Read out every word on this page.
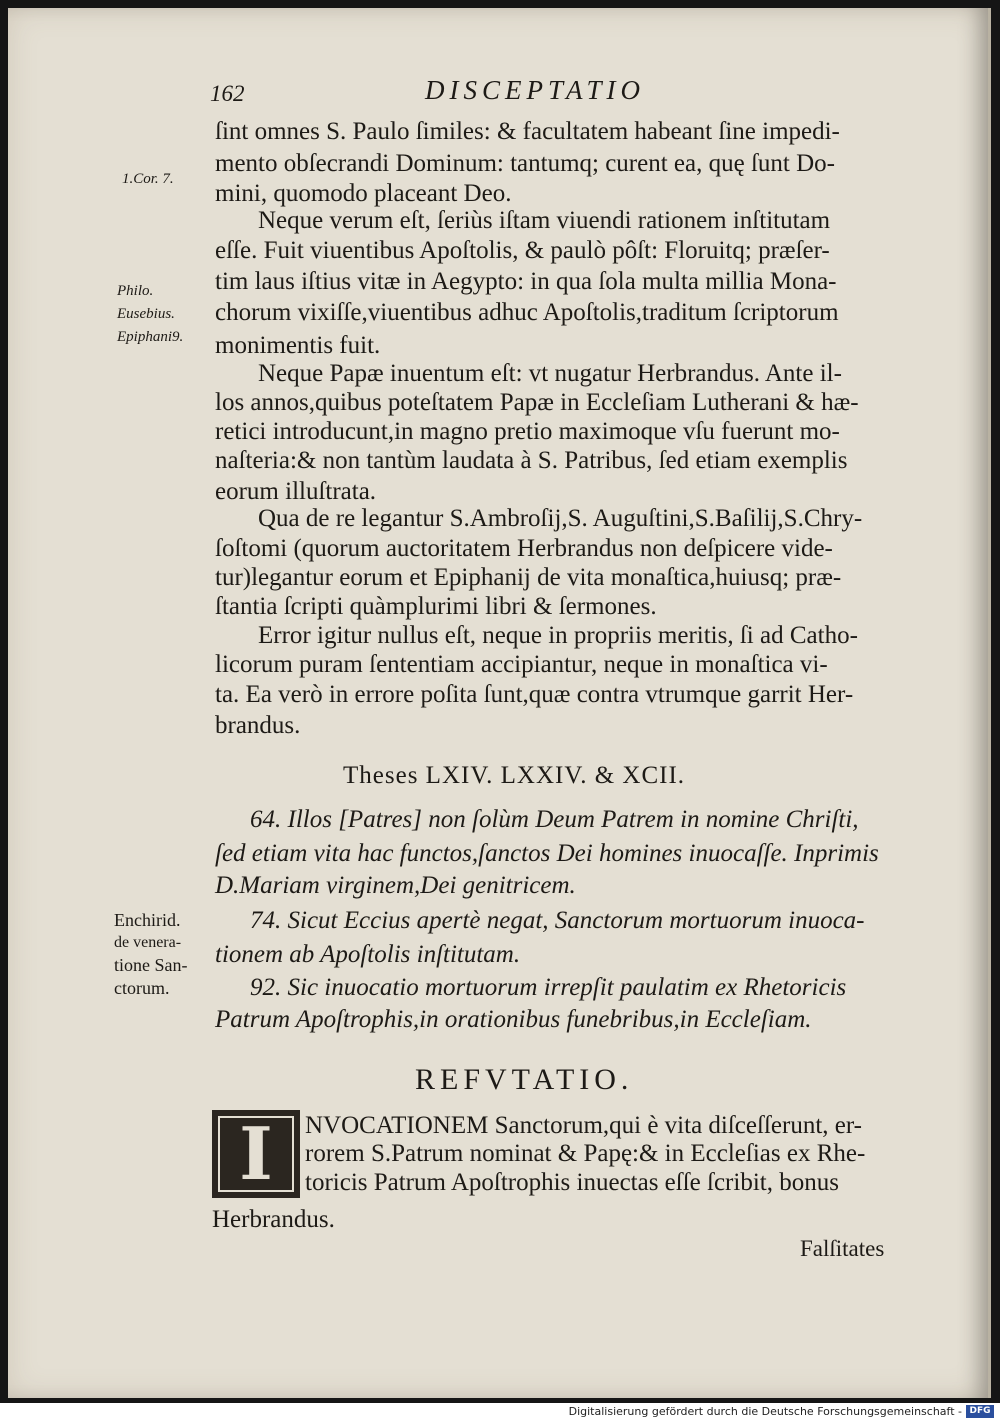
162	DISCEPTATIO
1.Cor. 7.
Philo.
Eusebius.
Epiphani9.
Enchirid.
de venera-
tione San-
ctorum.
ſint omnes S. Paulo ſimiles: & facultatem habeant ſine impedi-
mento obſecrandi Dominum: tantumq; curent ea, quę ſunt Do-
mini, quomodo placeant Deo.
Neque verum eſt, ſeriùs iſtam viuendi rationem inſtitutam
eſſe. Fuit viuentibus Apoſtolis, & paulò pôſt: Floruitq; præſer-
tim laus iſtius vitæ in Aegypto: in qua ſola multa millia Mona-
chorum vixiſſe,viuentibus adhuc Apoſtolis,traditum ſcriptorum
monimentis fuit.
Neque Papæ inuentum eſt: vt nugatur Herbrandus. Ante il-
los annos,quibus poteſtatem Papæ in Eccleſiam Lutherani & hæ-
retici introducunt,in magno pretio maximoque vſu fuerunt mo-
naſteria:& non tantùm laudata à S. Patribus, ſed etiam exemplis
eorum illuſtrata.
Qua de re legantur S.Ambroſij,S. Auguſtini,S.Baſilij,S.Chry-
ſoſtomi (quorum auctoritatem Herbrandus non deſpicere vide-
tur)legantur eorum et Epiphanij de vita monaſtica,huiusq; præ-
ſtantia ſcripti quàmplurimi libri & ſermones.
Error igitur nullus eſt, neque in propriis meritis, ſi ad Catho-
licorum puram ſententiam accipiantur, neque in monaſtica vi-
ta. Ea verò in errore poſita ſunt,quæ contra vtrumque garrit Her-
brandus.
Theses LXIV. LXXIV. & XCII.
64. Illos [Patres] non ſolùm Deum Patrem in nomine Chriſti,
ſed etiam vita hac functos,ſanctos Dei homines inuocaſſe. Inprimis
D.Mariam virginem,Dei genitricem.
74. Sicut Eccius apertè negat, Sanctorum mortuorum inuoca-
tionem ab Apoſtolis inſtitutam.
92. Sic inuocatio mortuorum irrepſit paulatim ex Rhetoricis
Patrum Apoſtrophis,in orationibus funebribus,in Eccleſiam.
REFVTATIO.
I	NVOCATIONEM Sanctorum,qui è vita diſceſſerunt, er-
rorem S.Patrum nominat & Papę:& in Eccleſias ex Rhe-
toricis Patrum Apoſtrophis inuectas eſſe ſcribit, bonus
Herbrandus.
Falſitates
Digitalisierung gefördert durch die Deutsche Forschungsgemeinschaft - DFG
